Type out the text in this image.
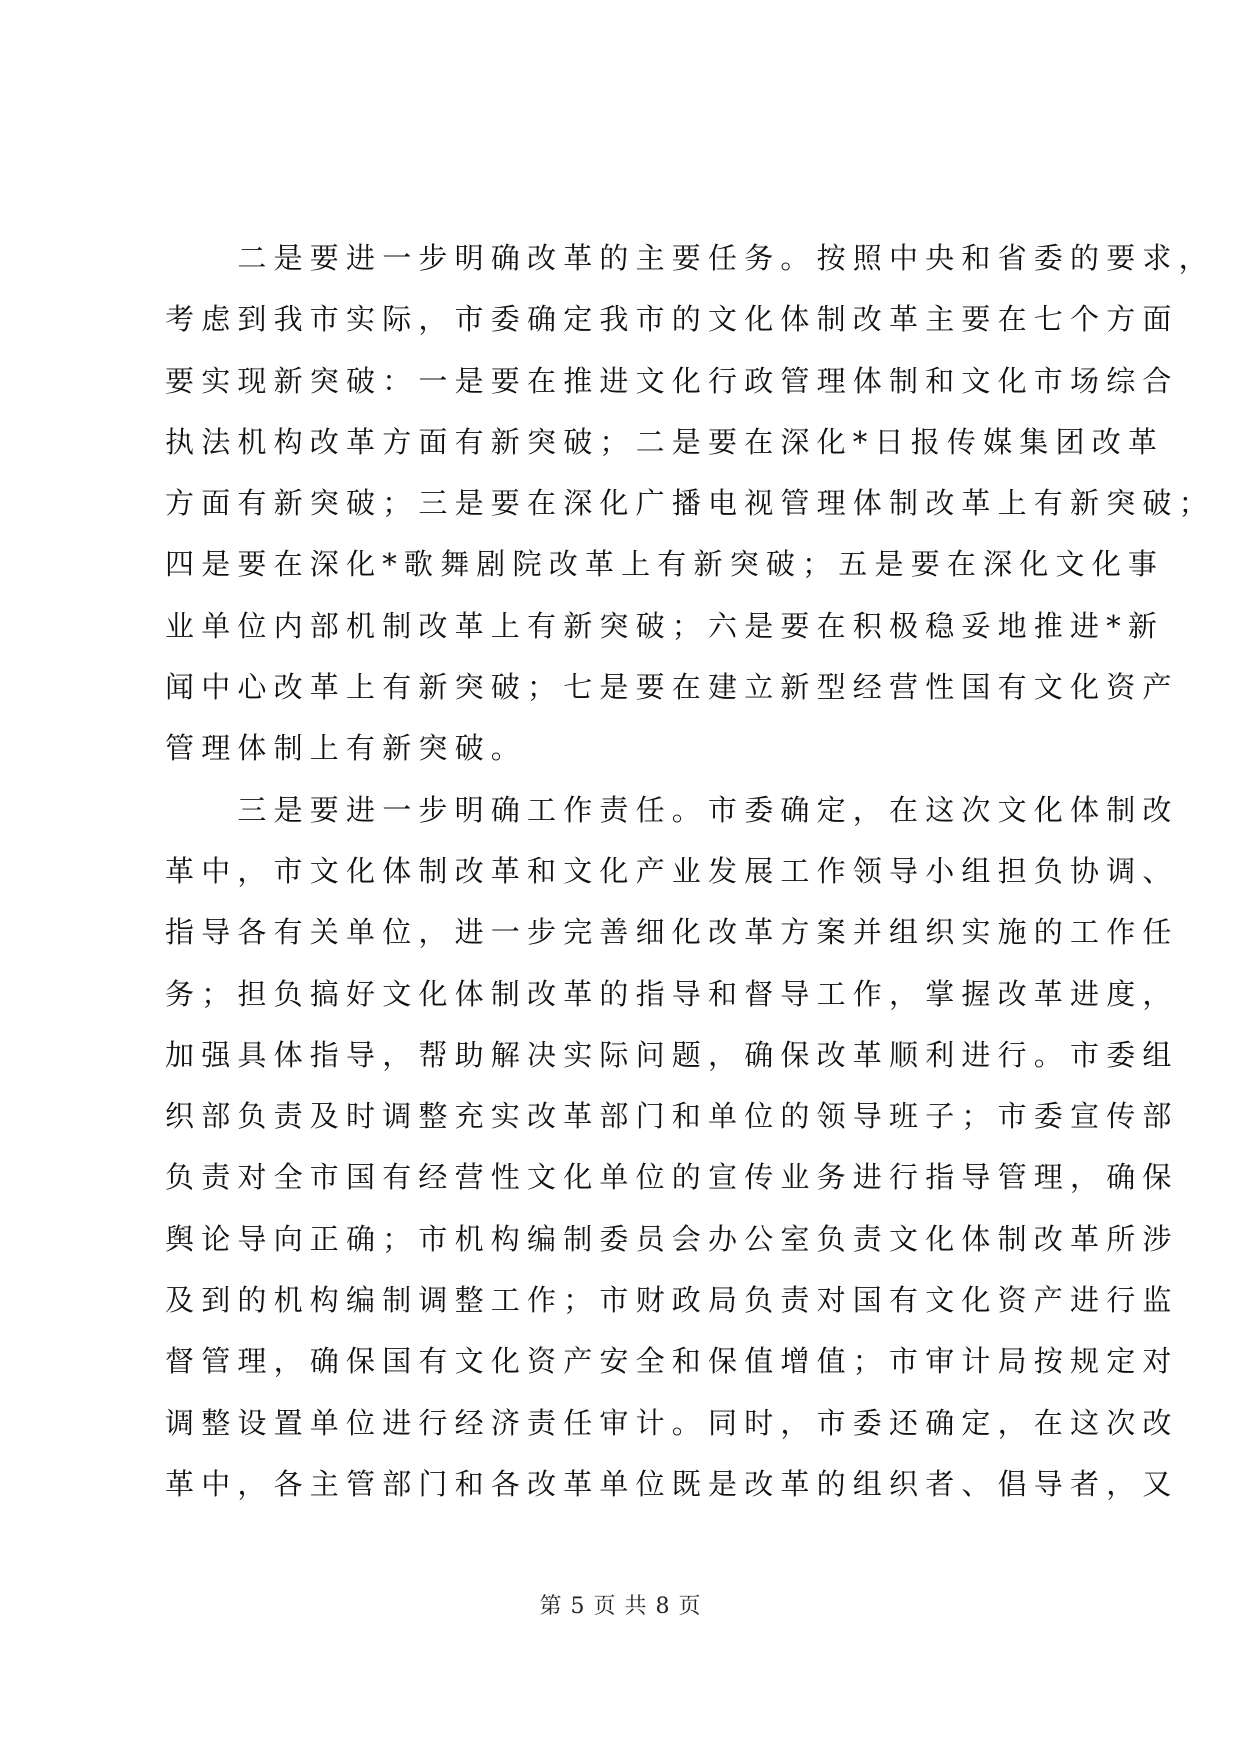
　　二是要进一步明确改革的主要任务。按照中央和省委的要求，
考虑到我市实际，市委确定我市的文化体制改革主要在七个方面
要实现新突破：一是要在推进文化行政管理体制和文化市场综合
执法机构改革方面有新突破；二是要在深化*日报传媒集团改革
方面有新突破；三是要在深化广播电视管理体制改革上有新突破；
四是要在深化*歌舞剧院改革上有新突破；五是要在深化文化事
业单位内部机制改革上有新突破；六是要在积极稳妥地推进*新
闻中心改革上有新突破；七是要在建立新型经营性国有文化资产
管理体制上有新突破。
　　三是要进一步明确工作责任。市委确定，在这次文化体制改
革中，市文化体制改革和文化产业发展工作领导小组担负协调、
指导各有关单位，进一步完善细化改革方案并组织实施的工作任
务；担负搞好文化体制改革的指导和督导工作，掌握改革进度，
加强具体指导，帮助解决实际问题，确保改革顺利进行。市委组
织部负责及时调整充实改革部门和单位的领导班子；市委宣传部
负责对全市国有经营性文化单位的宣传业务进行指导管理，确保
舆论导向正确；市机构编制委员会办公室负责文化体制改革所涉
及到的机构编制调整工作；市财政局负责对国有文化资产进行监
督管理，确保国有文化资产安全和保值增值；市审计局按规定对
调整设置单位进行经济责任审计。同时，市委还确定，在这次改
革中，各主管部门和各改革单位既是改革的组织者、倡导者，又
第 5 页 共 8 页
